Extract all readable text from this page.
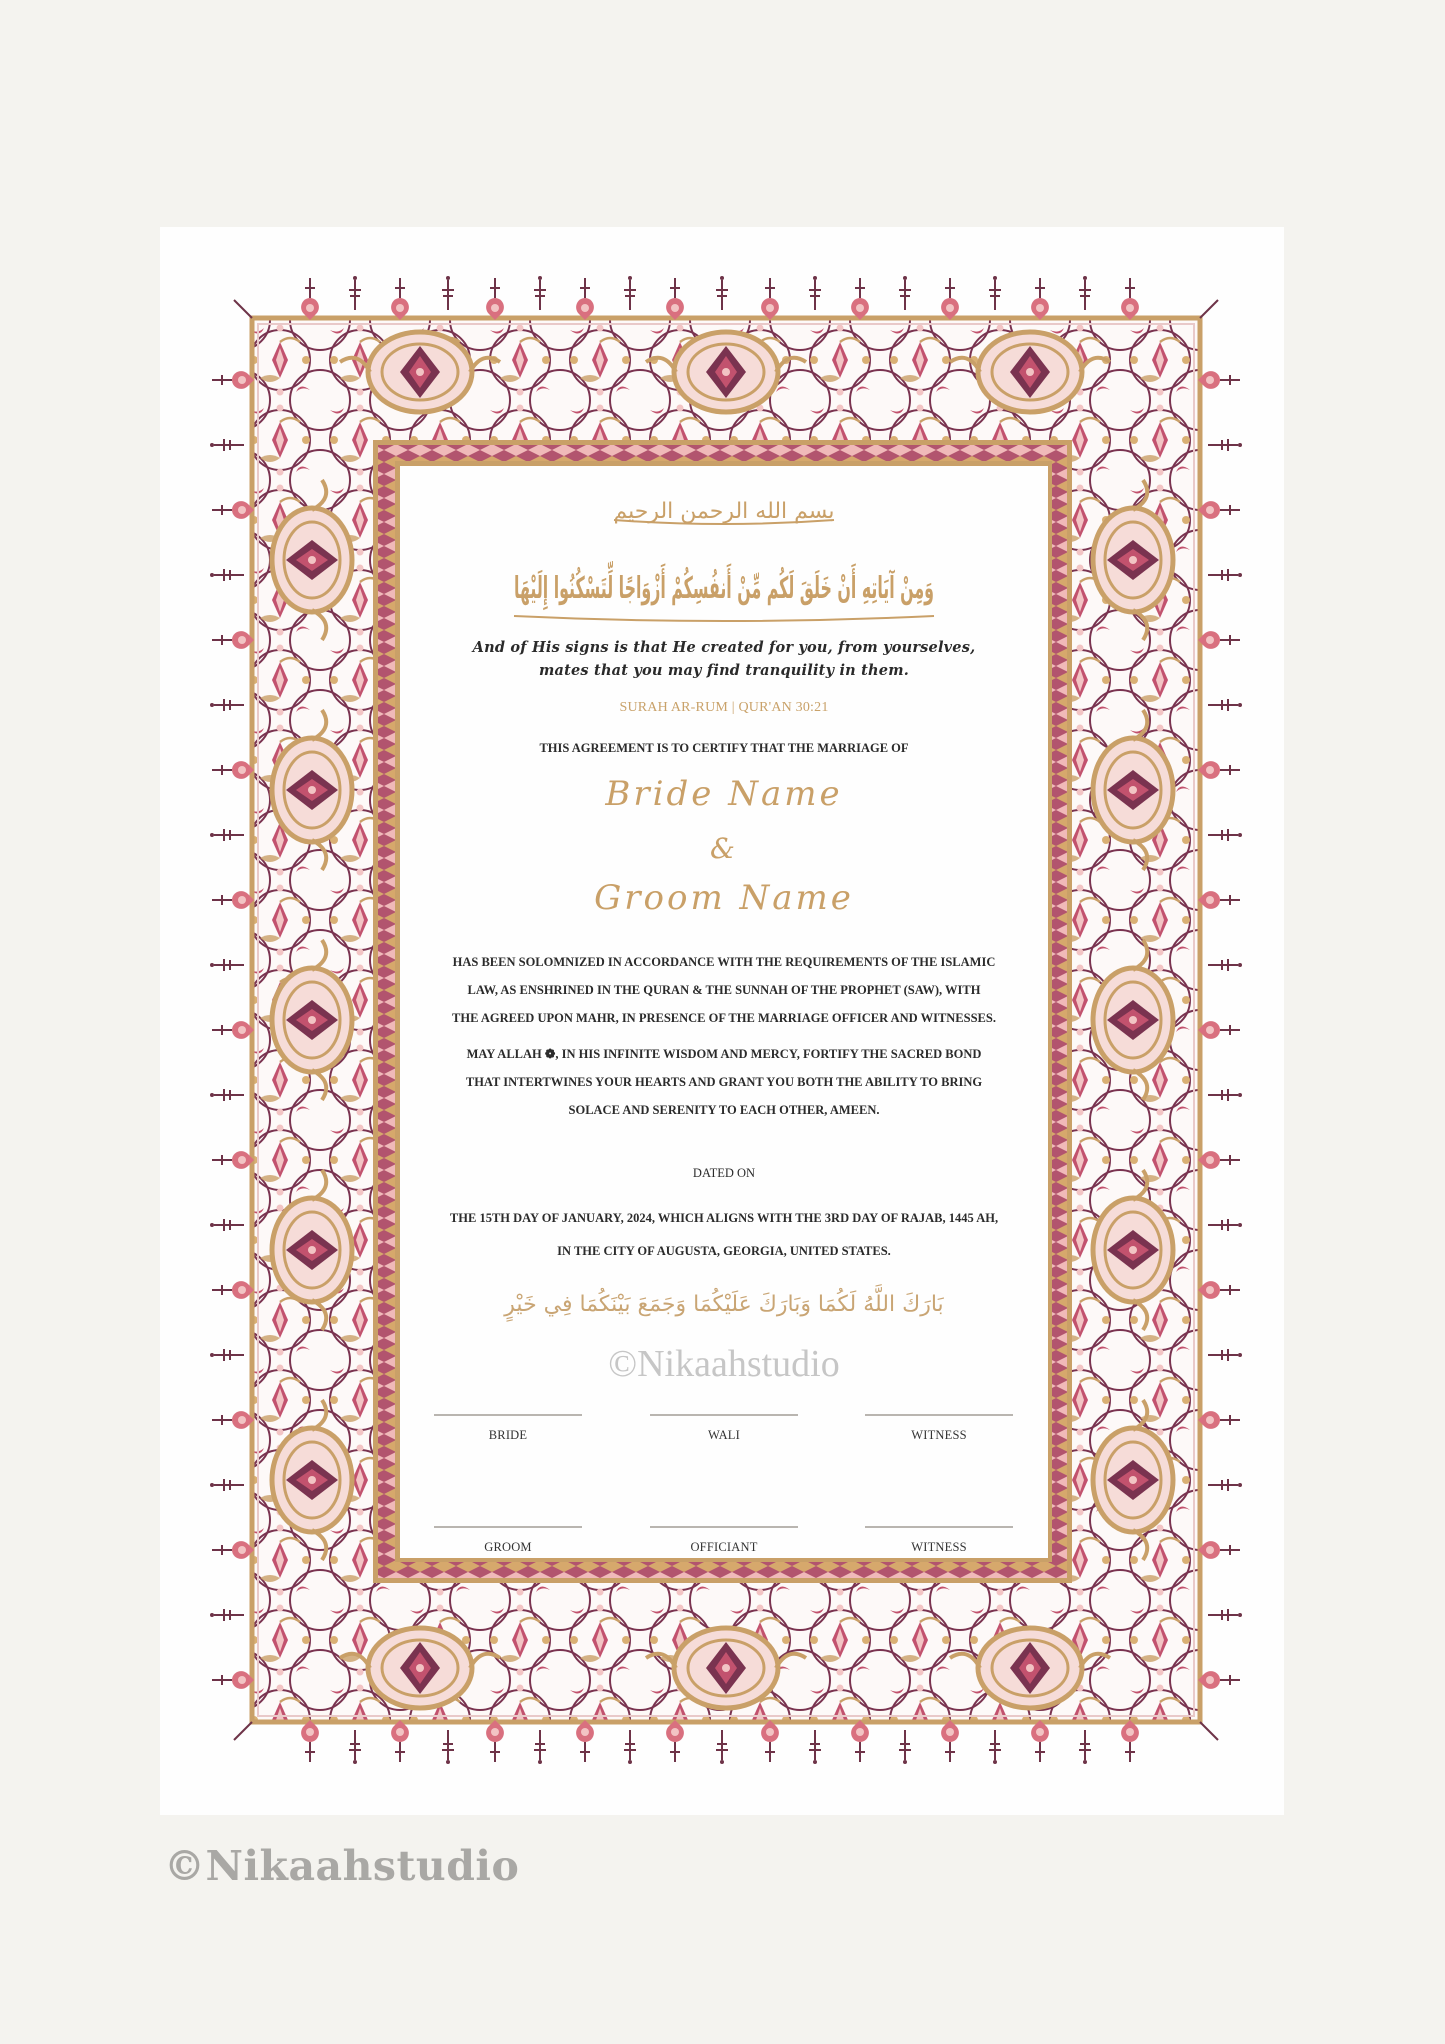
بسم الله الرحمن الرحيم
وَمِنْ آيَاتِهِ أَنْ خَلَقَ لَكُم مِّنْ أَنفُسِكُمْ أَزْوَاجًا لِّتَسْكُنُوا إِلَيْهَا
And of His signs is that He created for you, from yourselves,
mates that you may find tranquility in them.
SURAH AR-RUM | QUR'AN 30:21
THIS AGREEMENT IS TO CERTIFY THAT THE MARRIAGE OF
Bride Name
&
Groom Name
HAS BEEN SOLOMNIZED IN ACCORDANCE WITH THE REQUIREMENTS OF THE ISLAMIC
LAW, AS ENSHRINED IN THE QURAN & THE SUNNAH OF THE PROPHET (SAW), WITH
THE AGREED UPON MAHR, IN PRESENCE OF THE MARRIAGE OFFICER AND WITNESSES.
MAY ALLAH ❁, IN HIS INFINITE WISDOM AND MERCY, FORTIFY THE SACRED BOND
THAT INTERTWINES YOUR HEARTS AND GRANT YOU BOTH THE ABILITY TO BRING
SOLACE AND SERENITY TO EACH OTHER, AMEEN.
DATED ON
THE 15TH DAY OF JANUARY, 2024, WHICH ALIGNS WITH THE 3RD DAY OF RAJAB, 1445 AH,
IN THE CITY OF AUGUSTA, GEORGIA, UNITED STATES.
بَارَكَ اللَّهُ لَكُمَا وَبَارَكَ عَلَيْكُمَا وَجَمَعَ بَيْنَكُمَا فِي خَيْرٍ
©Nikaahstudio
BRIDE	WALI	WITNESS
GROOM	OFFICIANT	WITNESS
©Nikaahstudio
